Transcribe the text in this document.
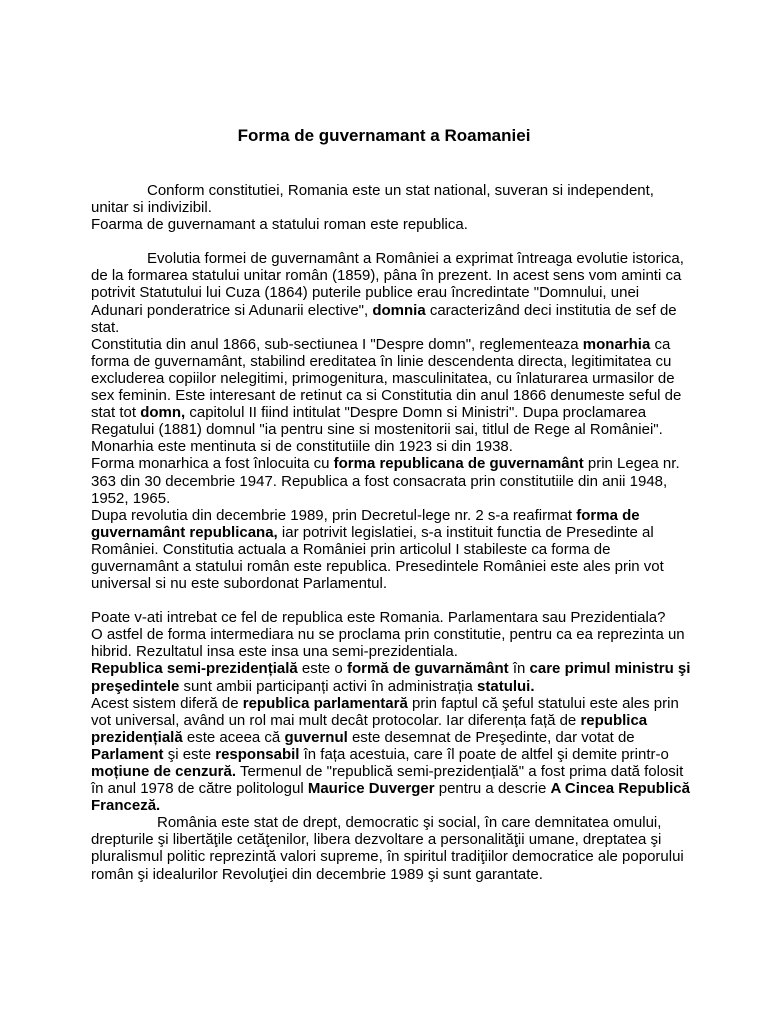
Forma de guvernamant a Roamaniei

Conform constitutiei, Romania este un stat national, suveran si independent, unitar si indivizibil.

Foarma de guvernamant a statului roman este republica.

Evolutia formei de guvernamânt a României a exprimat întreaga evolutie istorica, de la formarea statului unitar român (1859), pâna în prezent. In acest sens vom aminti ca potrivit Statutului lui Cuza (1864) puterile publice erau încredintate "Domnului, unei Adunari ponderatrice si Adunarii elective", domnia caracterizând deci institutia de sef de stat.

Constitutia din anul 1866, sub-sectiunea I "Despre domn", reglementeaza monarhia ca forma de guvernamânt, stabilind ereditatea în linie descendenta directa, legitimitatea cu excluderea copiilor nelegitimi, primogenitura, masculinitatea, cu înlaturarea urmasilor de sex feminin. Este interesant de retinut ca si Constitutia din anul 1866 denumeste seful de stat tot domn, capitolul II fiind intitulat "Despre Domn si Ministri". Dupa proclamarea Regatului (1881) domnul "ia pentru sine si mostenitorii sai, titlul de Rege al României". Monarhia este mentinuta si de constitutiile din 1923 si din 1938.

Forma monarhica a fost înlocuita cu forma republicana de guvernamânt prin Legea nr. 363 din 30 decembrie 1947. Republica a fost consacrata prin constitutiile din anii 1948, 1952, 1965.

Dupa revolutia din decembrie 1989, prin Decretul-lege nr. 2 s-a reafirmat forma de guvernamânt republicana, iar potrivit legislatiei, s-a instituit functia de Presedinte al României. Constitutia actuala a României prin articolul I stabileste ca forma de guvernamânt a statului român este republica. Presedintele României este ales prin vot universal si nu este subordonat Parlamentul.

Poate v-ati intrebat ce fel de republica este Romania. Parlamentara sau Prezidentiala?

O astfel de forma intermediara nu se proclama prin constitutie, pentru ca ea reprezinta un hibrid. Rezultatul insa este insa una semi-prezidentiala.

Republica semi-prezidențială este o formă de guvarnământ în care primul ministru şi preşedintele sunt ambii participanți activi în administrația statului.

Acest sistem diferă de republica parlamentară prin faptul că şeful statului este ales prin vot universal, având un rol mai mult decât protocolar. Iar diferența față de republica prezidențială este aceea că guvernul este desemnat de Preşedinte, dar votat de Parlament şi este responsabil în fața acestuia, care îl poate de altfel şi demite printr-o moțiune de cenzură. Termenul de "republică semi-prezidențială" a fost prima dată folosit în anul 1978 de către politologul Maurice Duverger pentru a descrie A Cincea Republică Franceză.

România este stat de drept, democratic şi social, în care demnitatea omului, drepturile şi libertăţile cetăţenilor, libera dezvoltare a personalităţii umane, dreptatea şi pluralismul politic reprezintă valori supreme, în spiritul tradiţiilor democratice ale poporului român şi idealurilor Revoluţiei din decembrie 1989 şi sunt garantate.
